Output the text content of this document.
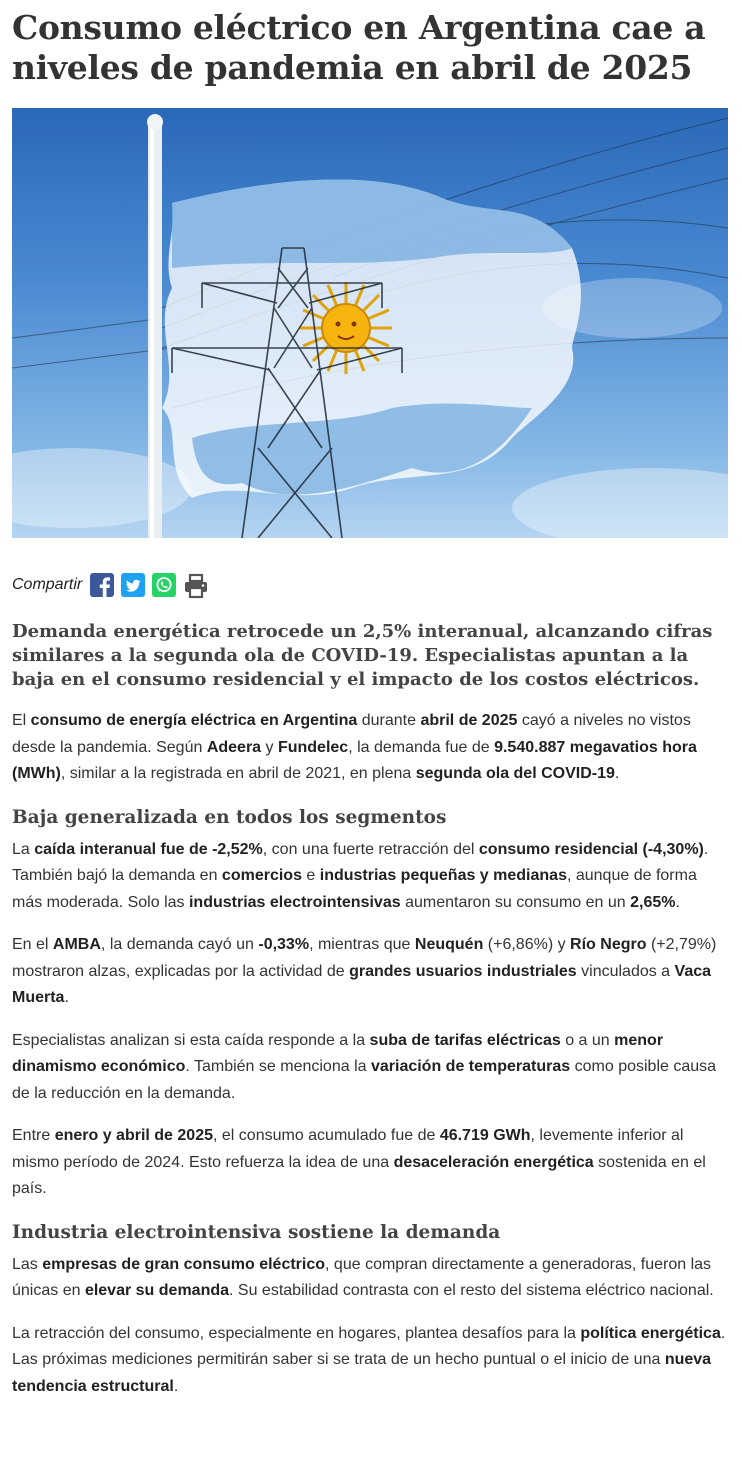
Consumo eléctrico en Argentina cae a niveles de pandemia en abril de 2025
Compartir

Demanda energética retrocede un 2,5% interanual, alcanzando cifras similares a la segunda ola de COVID-19. Especialistas apuntan a la baja en el consumo residencial y el impacto de los costos eléctricos.

El consumo de energía eléctrica en Argentina durante abril de 2025 cayó a niveles no vistos desde la pandemia. Según Adeera y Fundelec, la demanda fue de 9.540.887 megavatios hora (MWh), similar a la registrada en abril de 2021, en plena segunda ola del COVID-19.

Baja generalizada en todos los segmentos

La caída interanual fue de -2,52%, con una fuerte retracción del consumo residencial (-4,30%). También bajó la demanda en comercios e industrias pequeñas y medianas, aunque de forma más moderada. Solo las industrias electrointensivas aumentaron su consumo en un 2,65%.

En el AMBA, la demanda cayó un -0,33%, mientras que Neuquén (+6,86%) y Río Negro (+2,79%) mostraron alzas, explicadas por la actividad de grandes usuarios industriales vinculados a Vaca Muerta.

Especialistas analizan si esta caída responde a la suba de tarifas eléctricas o a un menor dinamismo económico. También se menciona la variación de temperaturas como posible causa de la reducción en la demanda.

Entre enero y abril de 2025, el consumo acumulado fue de 46.719 GWh, levemente inferior al mismo período de 2024. Esto refuerza la idea de una desaceleración energética sostenida en el país.

Industria electrointensiva sostiene la demanda

Las empresas de gran consumo eléctrico, que compran directamente a generadoras, fueron las únicas en elevar su demanda. Su estabilidad contrasta con el resto del sistema eléctrico nacional.

La retracción del consumo, especialmente en hogares, plantea desafíos para la política energética. Las próximas mediciones permitirán saber si se trata de un hecho puntual o el inicio de una nueva tendencia estructural.
